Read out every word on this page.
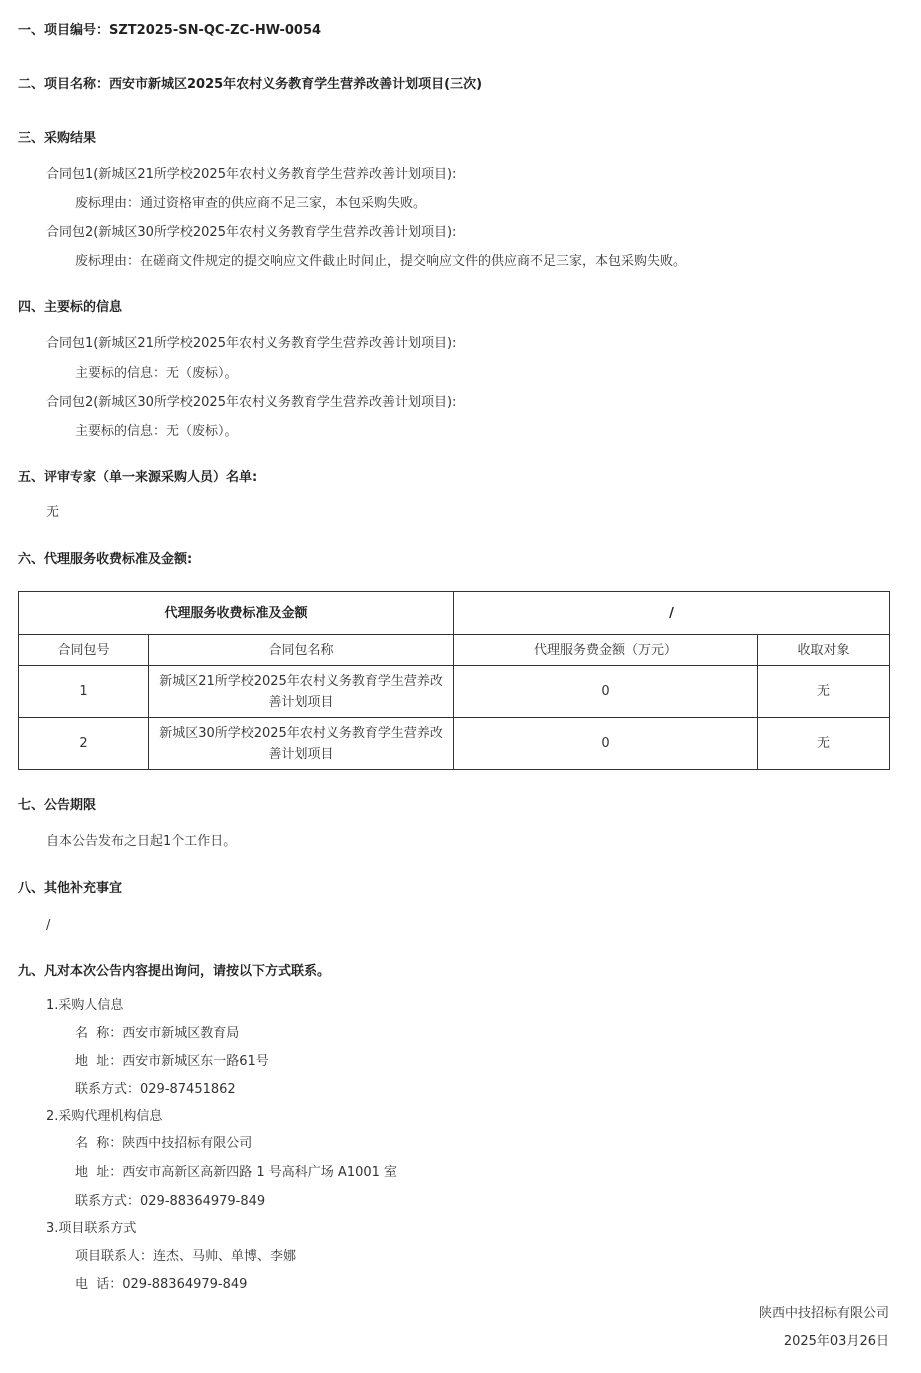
一、项目编号：SZT2025-SN-QC-ZC-HW-0054
二、项目名称：西安市新城区2025年农村义务教育学生营养改善计划项目(三次)
三、采购结果
合同包1(新城区21所学校2025年农村义务教育学生营养改善计划项目):
废标理由：通过资格审查的供应商不足三家，本包采购失败。
合同包2(新城区30所学校2025年农村义务教育学生营养改善计划项目):
废标理由：在磋商文件规定的提交响应文件截止时间止，提交响应文件的供应商不足三家，本包采购失败。
四、主要标的信息
合同包1(新城区21所学校2025年农村义务教育学生营养改善计划项目):
主要标的信息：无（废标）。
合同包2(新城区30所学校2025年农村义务教育学生营养改善计划项目):
主要标的信息：无（废标）。
五、评审专家（单一来源采购人员）名单:
无
六、代理服务收费标准及金额:
代理服务收费标准及金额		/	
合同包号	合同包名称	代理服务费金额（万元）	收取对象
1	新城区21所学校2025年农村义务教育学生营养改善计划项目	0	无
2	新城区30所学校2025年农村义务教育学生营养改善计划项目	0	无
七、公告期限
自本公告发布之日起1个工作日。
八、其他补充事宜
/
九、凡对本次公告内容提出询问，请按以下方式联系。
1.采购人信息
名  称：西安市新城区教育局
地  址：西安市新城区东一路61号
联系方式：029-87451862
2.采购代理机构信息
名  称：陕西中技招标有限公司
地  址：西安市高新区高新四路 1 号高科广场 A1001 室
联系方式：029-88364979-849
3.项目联系方式
项目联系人：连杰、马帅、单博、李娜
电  话：029-88364979-849
陕西中技招标有限公司
2025年03月26日
